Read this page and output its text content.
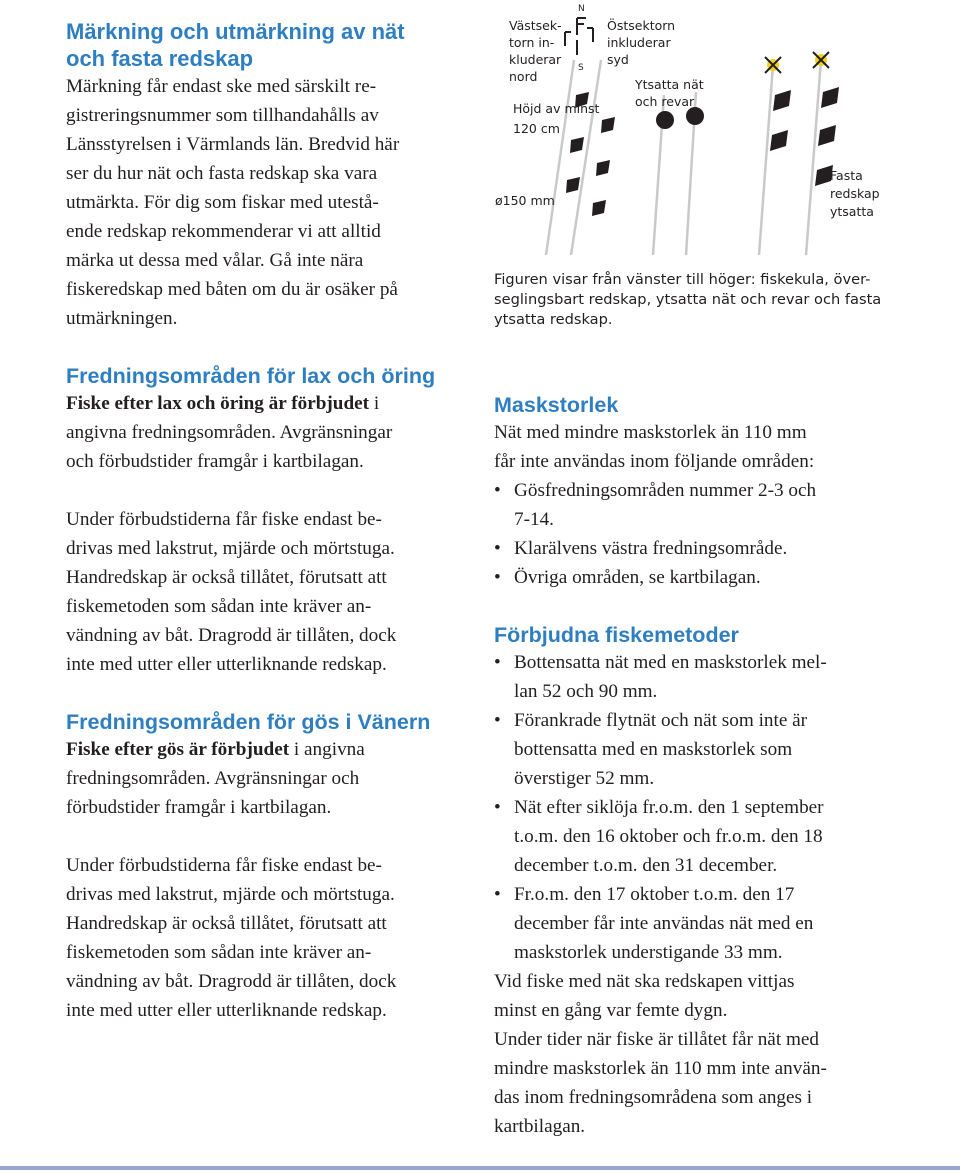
Märkning och utmärkning av nät
och fasta redskap

Märkning får endast ske med särskilt re-

gistreringsnummer som tillhandahålls av

Länsstyrelsen i Värmlands län. Bredvid här

ser du hur nät och fasta redskap ska vara

utmärkta. För dig som fiskar med utestå-

ende redskap rekommenderar vi att alltid

märka ut dessa med vålar. Gå inte nära

fiskeredskap med båten om du är osäker på

utmärkningen.

Fredningsområden för lax och öring

Fiske efter lax och öring är förbjudet i

angivna fredningsområden. Avgränsningar

och förbudstider framgår i kartbilagan.

Under förbudstiderna får fiske endast be-

drivas med lakstrut, mjärde och mörtstuga.

Handredskap är också tillåtet, förutsatt att

fiskemetoden som sådan inte kräver an-

vändning av båt. Dragrodd är tillåten, dock

inte med utter eller utterliknande redskap.

Fredningsområden för gös i Vänern

Fiske efter gös är förbjudet i angivna

fredningsområden. Avgränsningar och

förbudstider framgår i kartbilagan.

Under förbudstiderna får fiske endast be-

drivas med lakstrut, mjärde och mörtstuga.

Handredskap är också tillåtet, förutsatt att

fiskemetoden som sådan inte kräver an-

vändning av båt. Dragrodd är tillåten, dock

inte med utter eller utterliknande redskap.

N
S
Västsek- torn in- kluderar nord
Östsektorn inkluderar syd
Höjd av minst 120 cm
Ytsatta nät och revar
ø150 mm
Fasta redskap ytsatta
Figuren visar från vänster till höger: fiskekula, över-
seglingsbart redskap, ytsatta nät och revar och fasta
ytsatta redskap.
Maskstorlek

Nät med mindre maskstorlek än 110 mm

får inte användas inom följande områden:

• Gösfredningsområden nummer 2-3 och
7-14.
• Klarälvens västra fredningsområde.
• Övriga områden, se kartbilagan.
Förbjudna fiskemetoder
• Bottensatta nät med en maskstorlek mel-
lan 52 och 90 mm.
• Förankrade flytnät och nät som inte är
bottensatta med en maskstorlek som
överstiger 52 mm.
• Nät efter siklöja fr.o.m. den 1 september
t.o.m. den 16 oktober och fr.o.m. den 18
december t.o.m. den 31 december.
• Fr.o.m. den 17 oktober t.o.m. den 17
december får inte användas nät med en
maskstorlek understigande 33 mm.

Vid fiske med nät ska redskapen vittjas

minst en gång var femte dygn.

Under tider när fiske är tillåtet får nät med

mindre maskstorlek än 110 mm inte använ-

das inom fredningsområdena som anges i

kartbilagan.
